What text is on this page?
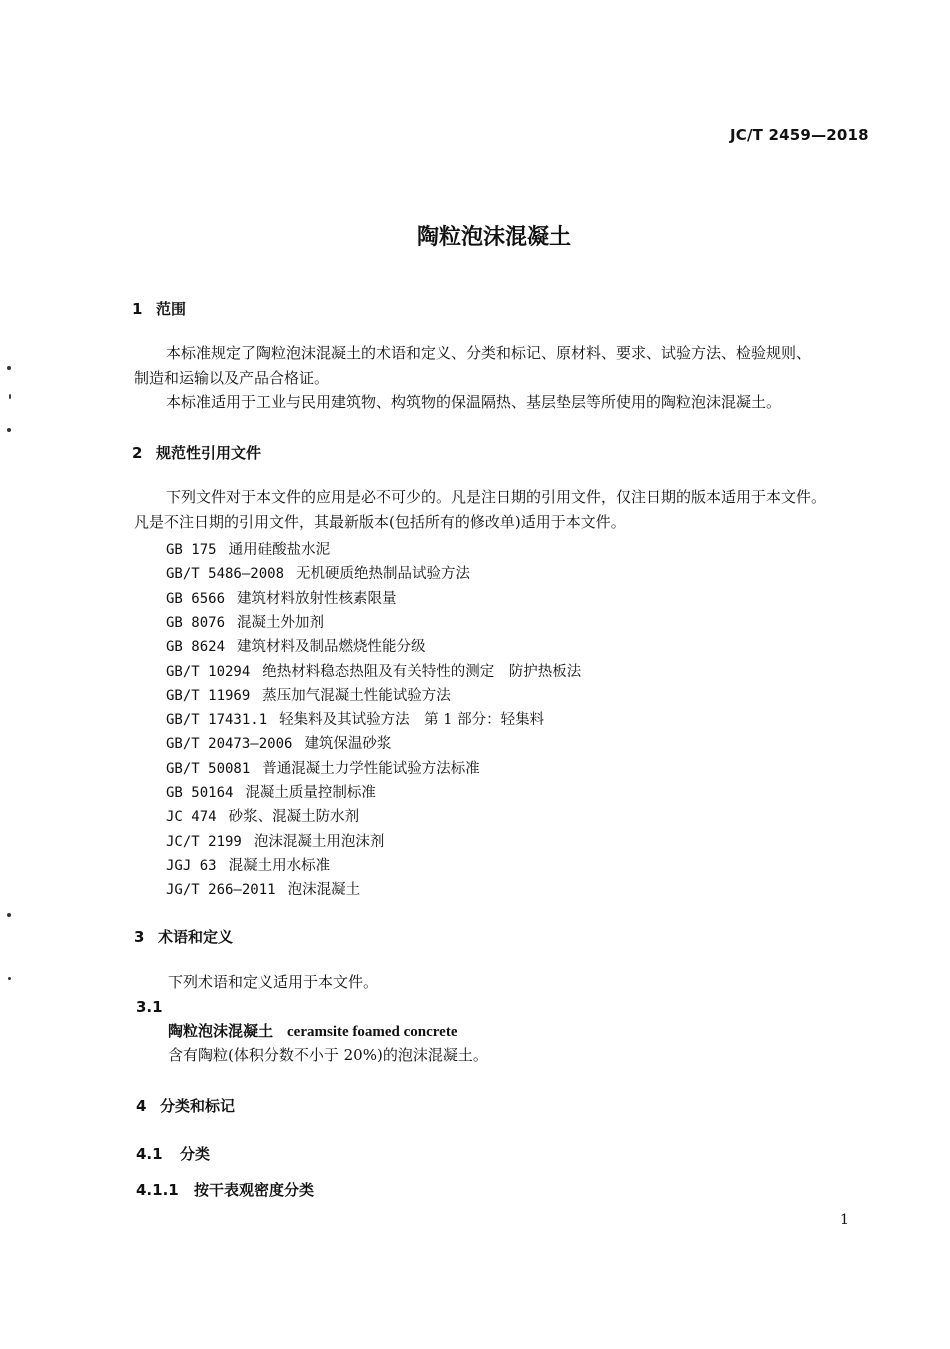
JC/T 2459—2018
陶粒泡沫混凝土
1 范围
本标准规定了陶粒泡沫混凝土的术语和定义、分类和标记、原材料、要求、试验方法、检验规则、
制造和运输以及产品合格证。
本标准适用于工业与民用建筑物、构筑物的保温隔热、基层垫层等所使用的陶粒泡沫混凝土。
2 规范性引用文件
下列文件对于本文件的应用是必不可少的。凡是注日期的引用文件，仅注日期的版本适用于本文件。
凡是不注日期的引用文件，其最新版本(包括所有的修改单)适用于本文件。
GB 175 通用硅酸盐水泥
GB/T 5486—2008 无机硬质绝热制品试验方法
GB 6566 建筑材料放射性核素限量
GB 8076 混凝土外加剂
GB 8624 建筑材料及制品燃烧性能分级
GB/T 10294 绝热材料稳态热阻及有关特性的测定　防护热板法
GB/T 11969 蒸压加气混凝土性能试验方法
GB/T 17431.1 轻集料及其试验方法　第 1 部分：轻集料
GB/T 20473—2006 建筑保温砂浆
GB/T 50081 普通混凝土力学性能试验方法标准
GB 50164 混凝土质量控制标准
JC 474 砂浆、混凝土防水剂
JC/T 2199 泡沫混凝土用泡沫剂
JGJ 63 混凝土用水标准
JG/T 266—2011 泡沫混凝土
3 术语和定义
下列术语和定义适用于本文件。
3.1
陶粒泡沫混凝土 ceramsite foamed concrete
含有陶粒(体积分数不小于 20%)的泡沫混凝土。
4 分类和标记
4.1 分类
4.1.1 按干表观密度分类
1
